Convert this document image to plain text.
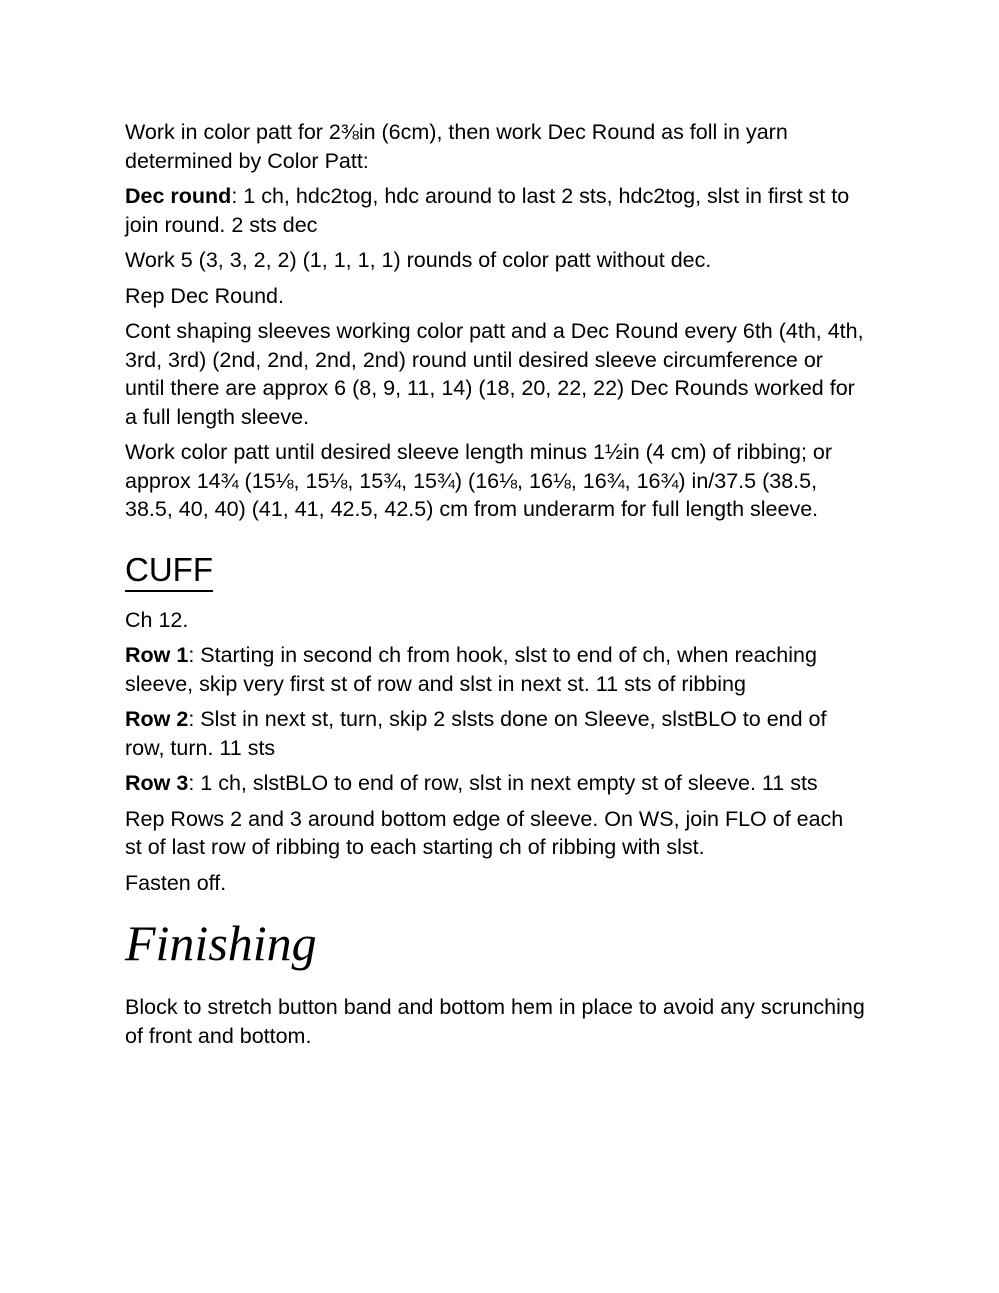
Work in color patt for 2⅜in (6cm), then work Dec Round as foll in yarn determined by Color Patt:

Dec round: 1 ch, hdc2tog, hdc around to last 2 sts, hdc2tog, slst in first st to join round. 2 sts dec

Work 5 (3, 3, 2, 2) (1, 1, 1, 1) rounds of color patt without dec.

Rep Dec Round.

Cont shaping sleeves working color patt and a Dec Round every 6th (4th, 4th, 3rd, 3rd) (2nd, 2nd, 2nd, 2nd) round until desired sleeve circumference or until there are approx 6 (8, 9, 11, 14) (18, 20, 22, 22) Dec Rounds worked for a full length sleeve.

Work color patt until desired sleeve length minus 1½in (4 cm) of ribbing; or approx 14¾ (15⅛, 15⅛, 15¾, 15¾) (16⅛, 16⅛, 16¾, 16¾) in/37.5 (38.5, 38.5, 40, 40) (41, 41, 42.5, 42.5) cm from underarm for full length sleeve.

CUFF

Ch 12.

Row 1: Starting in second ch from hook, slst to end of ch, when reaching sleeve, skip very first st of row and slst in next st. 11 sts of ribbing

Row 2: Slst in next st, turn, skip 2 slsts done on Sleeve, slstBLO to end of row, turn. 11 sts

Row 3: 1 ch, slstBLO to end of row, slst in next empty st of sleeve. 11 sts

Rep Rows 2 and 3 around bottom edge of sleeve. On WS, join FLO of each st of last row of ribbing to each starting ch of ribbing with slst.

Fasten off.

Finishing

Block to stretch button band and bottom hem in place to avoid any scrunching of front and bottom.
